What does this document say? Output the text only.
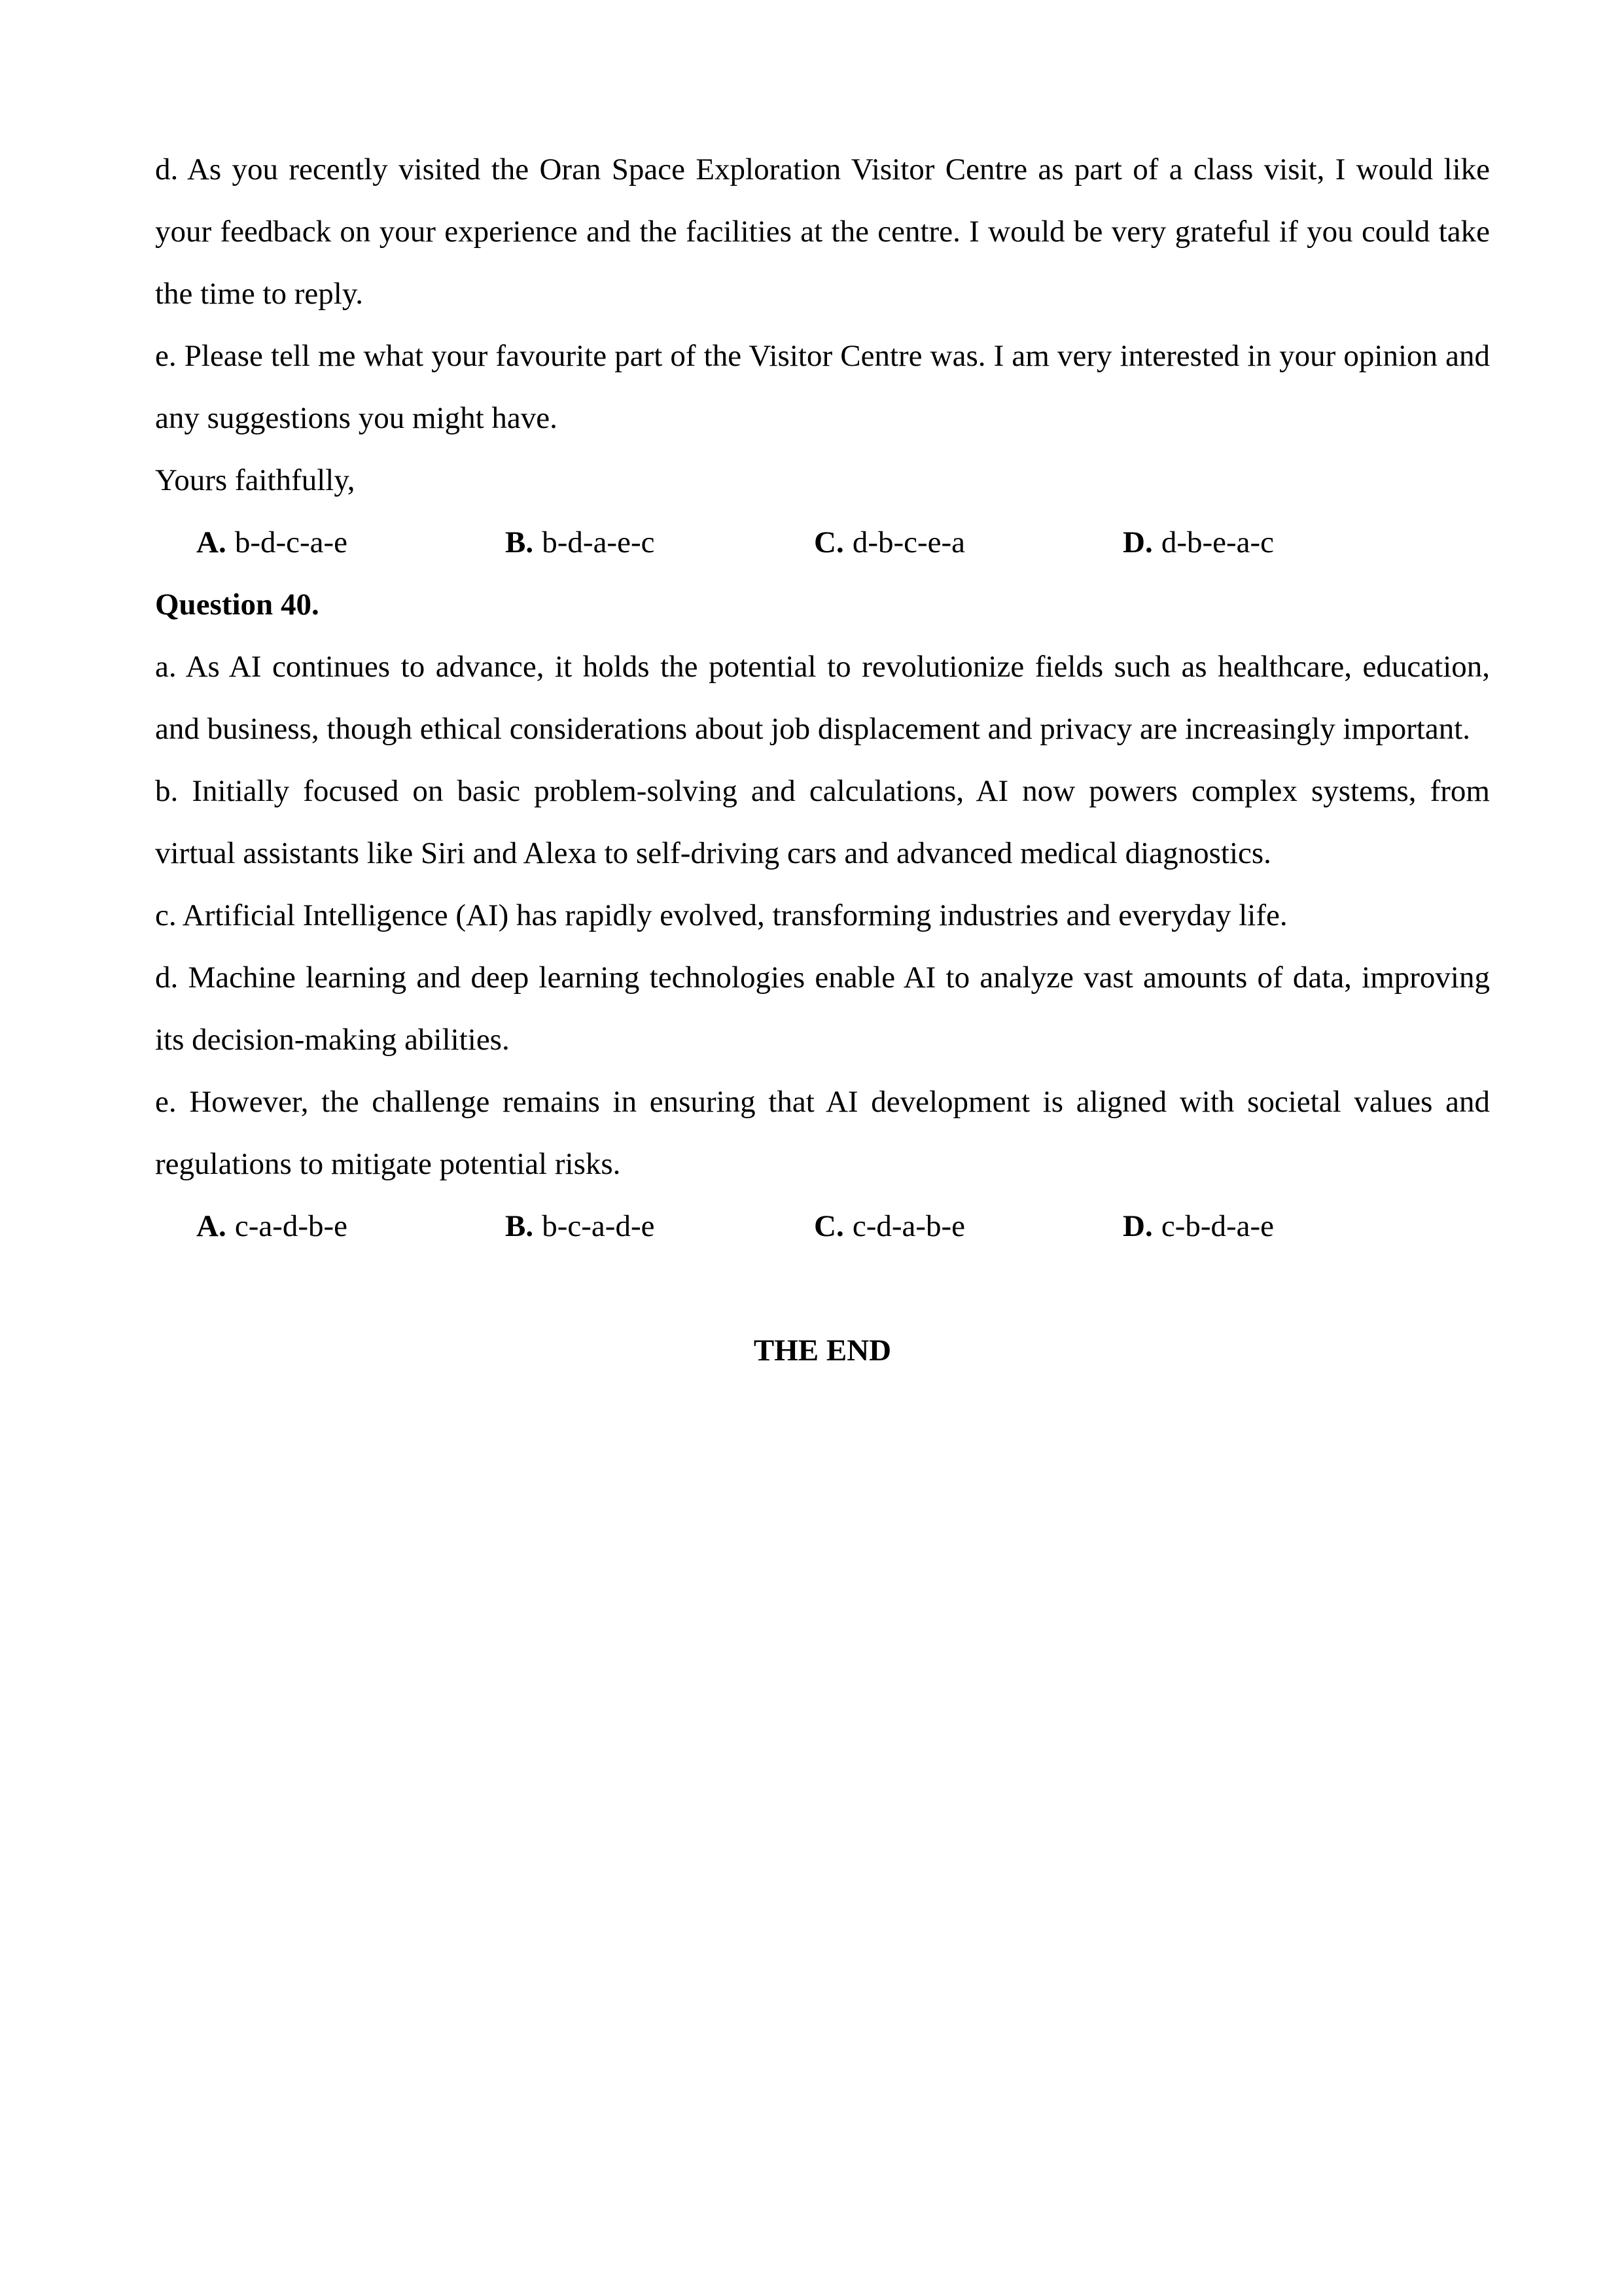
d. As you recently visited the Oran Space Exploration Visitor Centre as part of a class visit, I would like your feedback on your experience and the facilities at the centre. I would be very grateful if you could take the time to reply.

e. Please tell me what your favourite part of the Visitor Centre was. I am very interested in your opinion and any suggestions you might have.

Yours faithfully,

A. b-d-c-a-e	B. b-d-a-e-c	C. d-b-c-e-a	D. d-b-e-a-c

Question 40.

a. As AI continues to advance, it holds the potential to revolutionize fields such as healthcare, education, and business, though ethical considerations about job displacement and privacy are increasingly important.

b. Initially focused on basic problem-solving and calculations, AI now powers complex systems, from virtual assistants like Siri and Alexa to self-driving cars and advanced medical diagnostics.

c. Artificial Intelligence (AI) has rapidly evolved, transforming industries and everyday life.

d. Machine learning and deep learning technologies enable AI to analyze vast amounts of data, improving its decision-making abilities.

e. However, the challenge remains in ensuring that AI development is aligned with societal values and regulations to mitigate potential risks.

A. c-a-d-b-e	B. b-c-a-d-e	C. c-d-a-b-e	D. c-b-d-a-e

THE END
